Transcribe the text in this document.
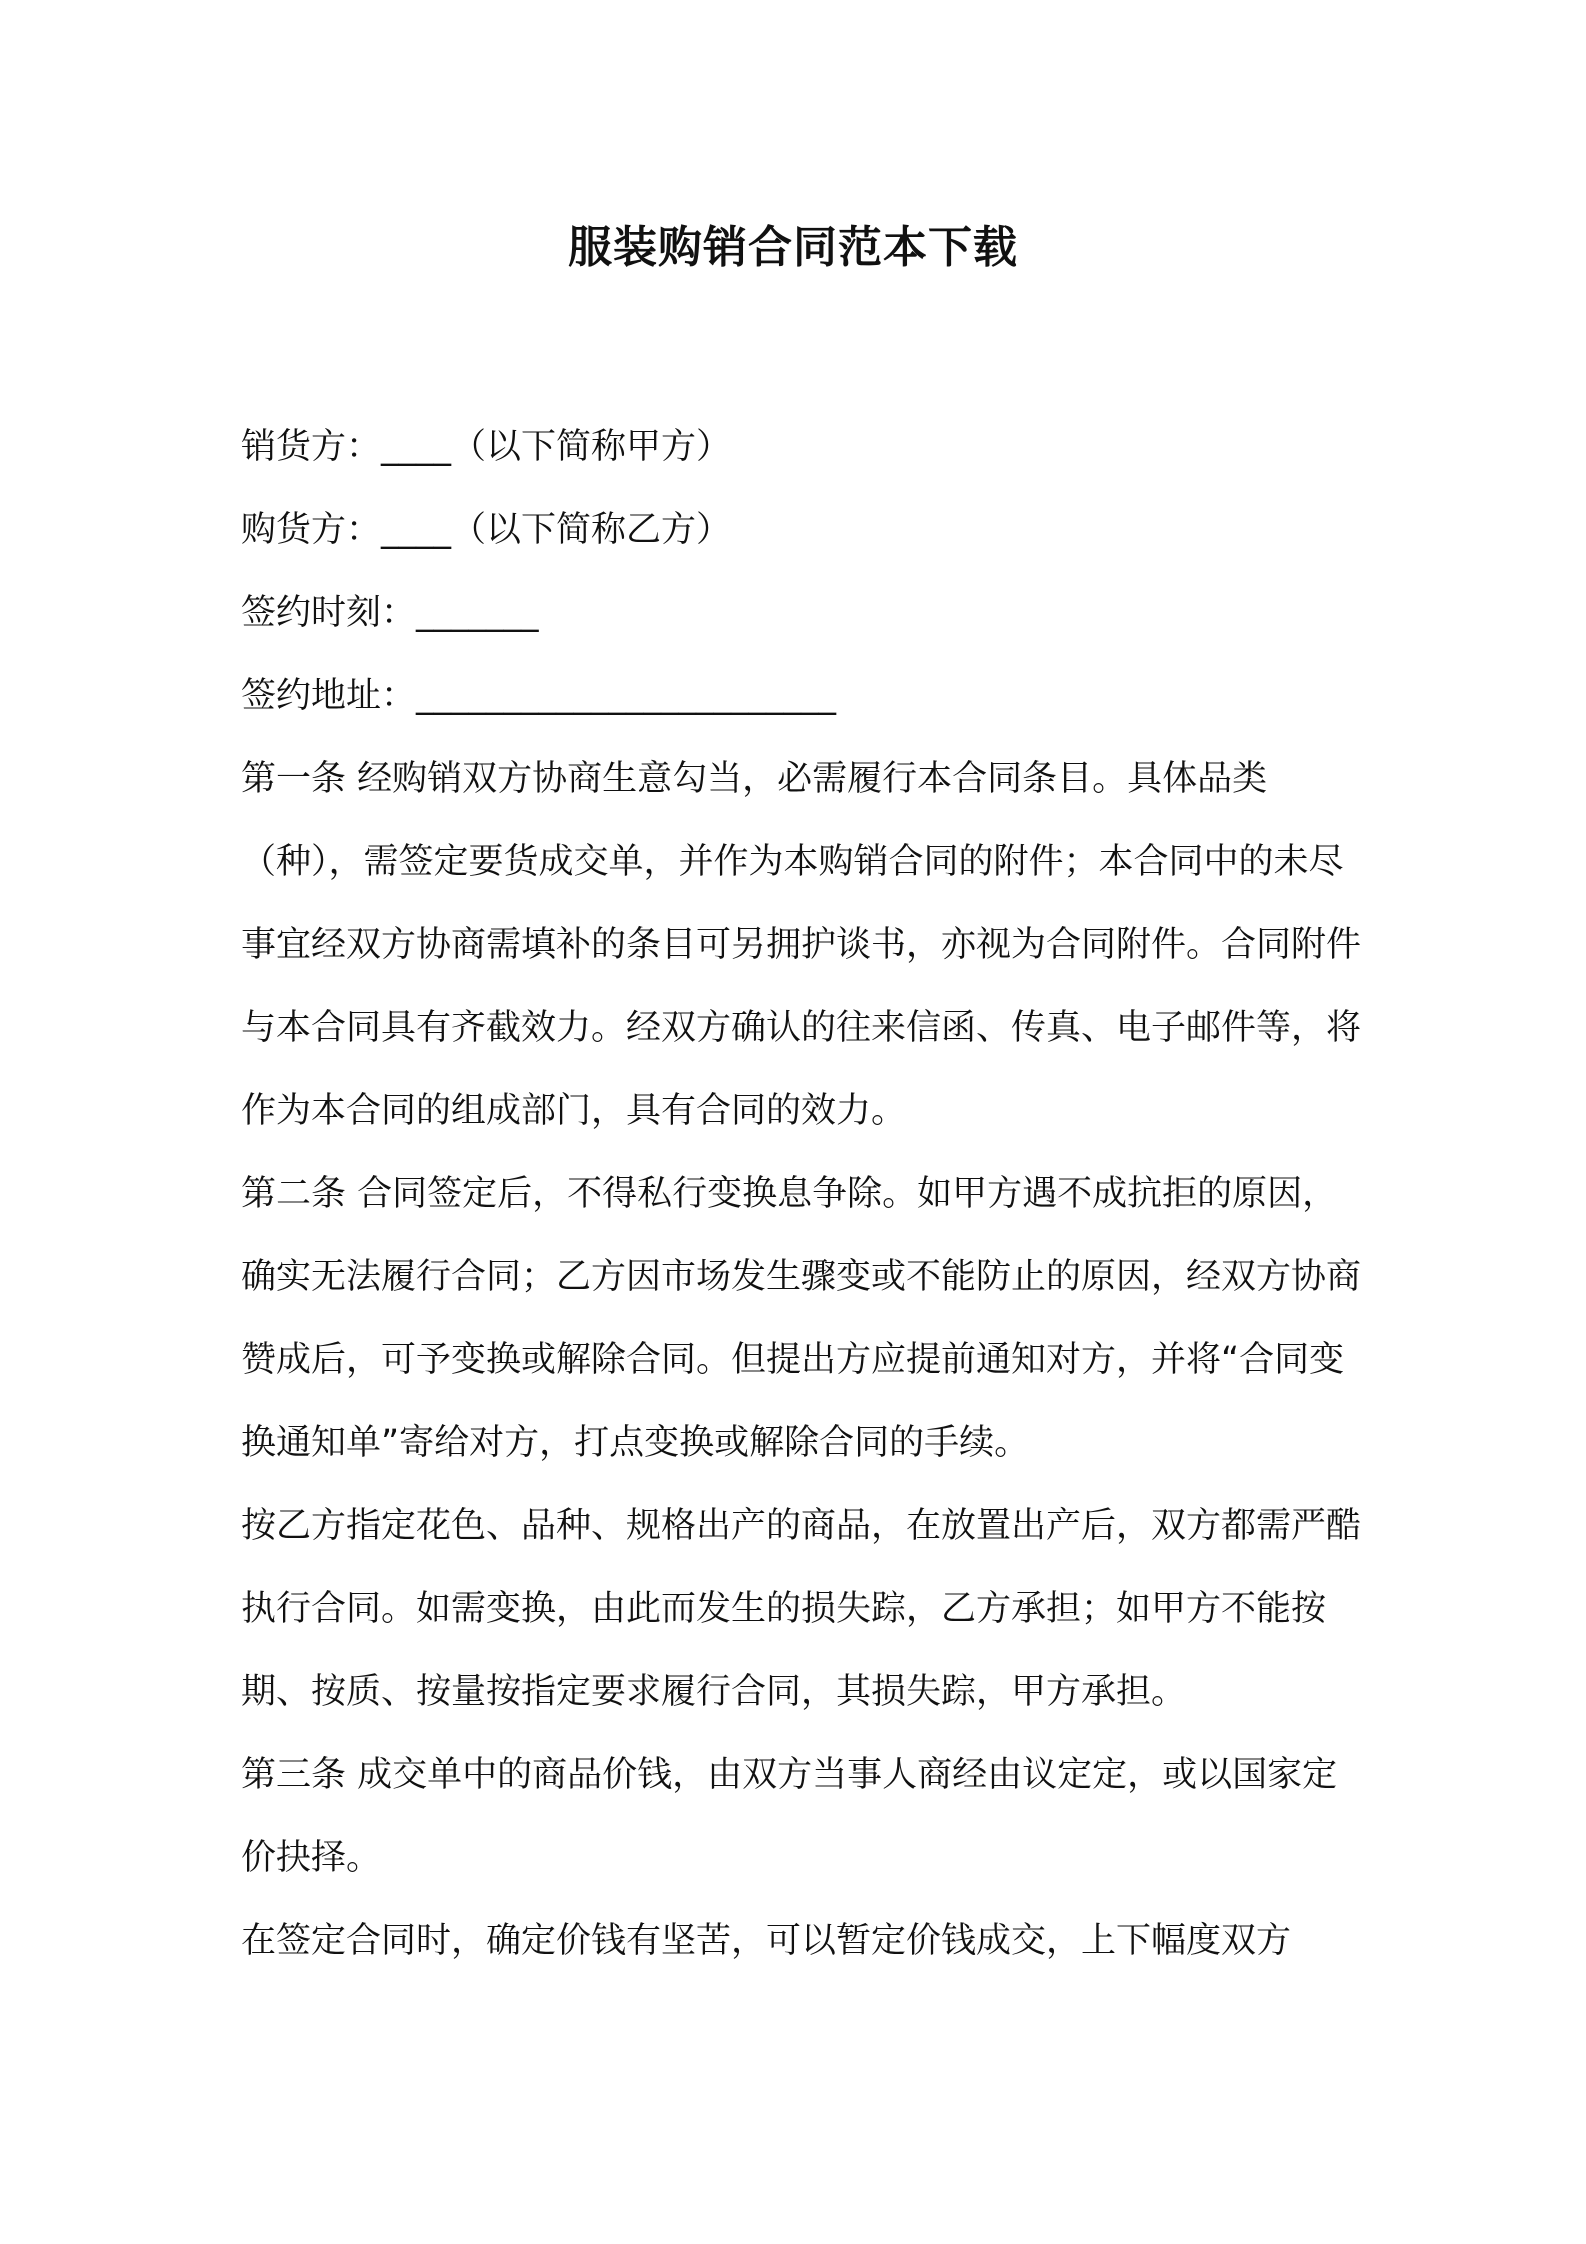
服装购销合同范本下载

销货方：____（以下简称甲方）

购货方：____（以下简称乙方）

签约时刻：_______

签约地址：________________________

第一条 经购销双方协商生意勾当，必需履行本合同条目。具体品类（种），需签定要货成交单，并作为本购销合同的附件；本合同中的未尽事宜经双方协商需填补的条目可另拥护谈书，亦视为合同附件。合同附件与本合同具有齐截效力。经双方确认的往来信函、传真、电子邮件等，将作为本合同的组成部门，具有合同的效力。

第二条 合同签定后，不得私行变换息争除。如甲方遇不成抗拒的原因，确实无法履行合同；乙方因市场发生骤变或不能防止的原因，经双方协商赞成后，可予变换或解除合同。但提出方应提前通知对方，并将“合同变换通知单”寄给对方，打点变换或解除合同的手续。

按乙方指定花色、品种、规格出产的商品，在放置出产后，双方都需严酷执行合同。如需变换，由此而发生的损失踪，乙方承担；如甲方不能按期、按质、按量按指定要求履行合同，其损失踪，甲方承担。

第三条 成交单中的商品价钱，由双方当事人商经由议定定，或以国家定价抉择。

在签定合同时，确定价钱有坚苦，可以暂定价钱成交，上下幅度双方
